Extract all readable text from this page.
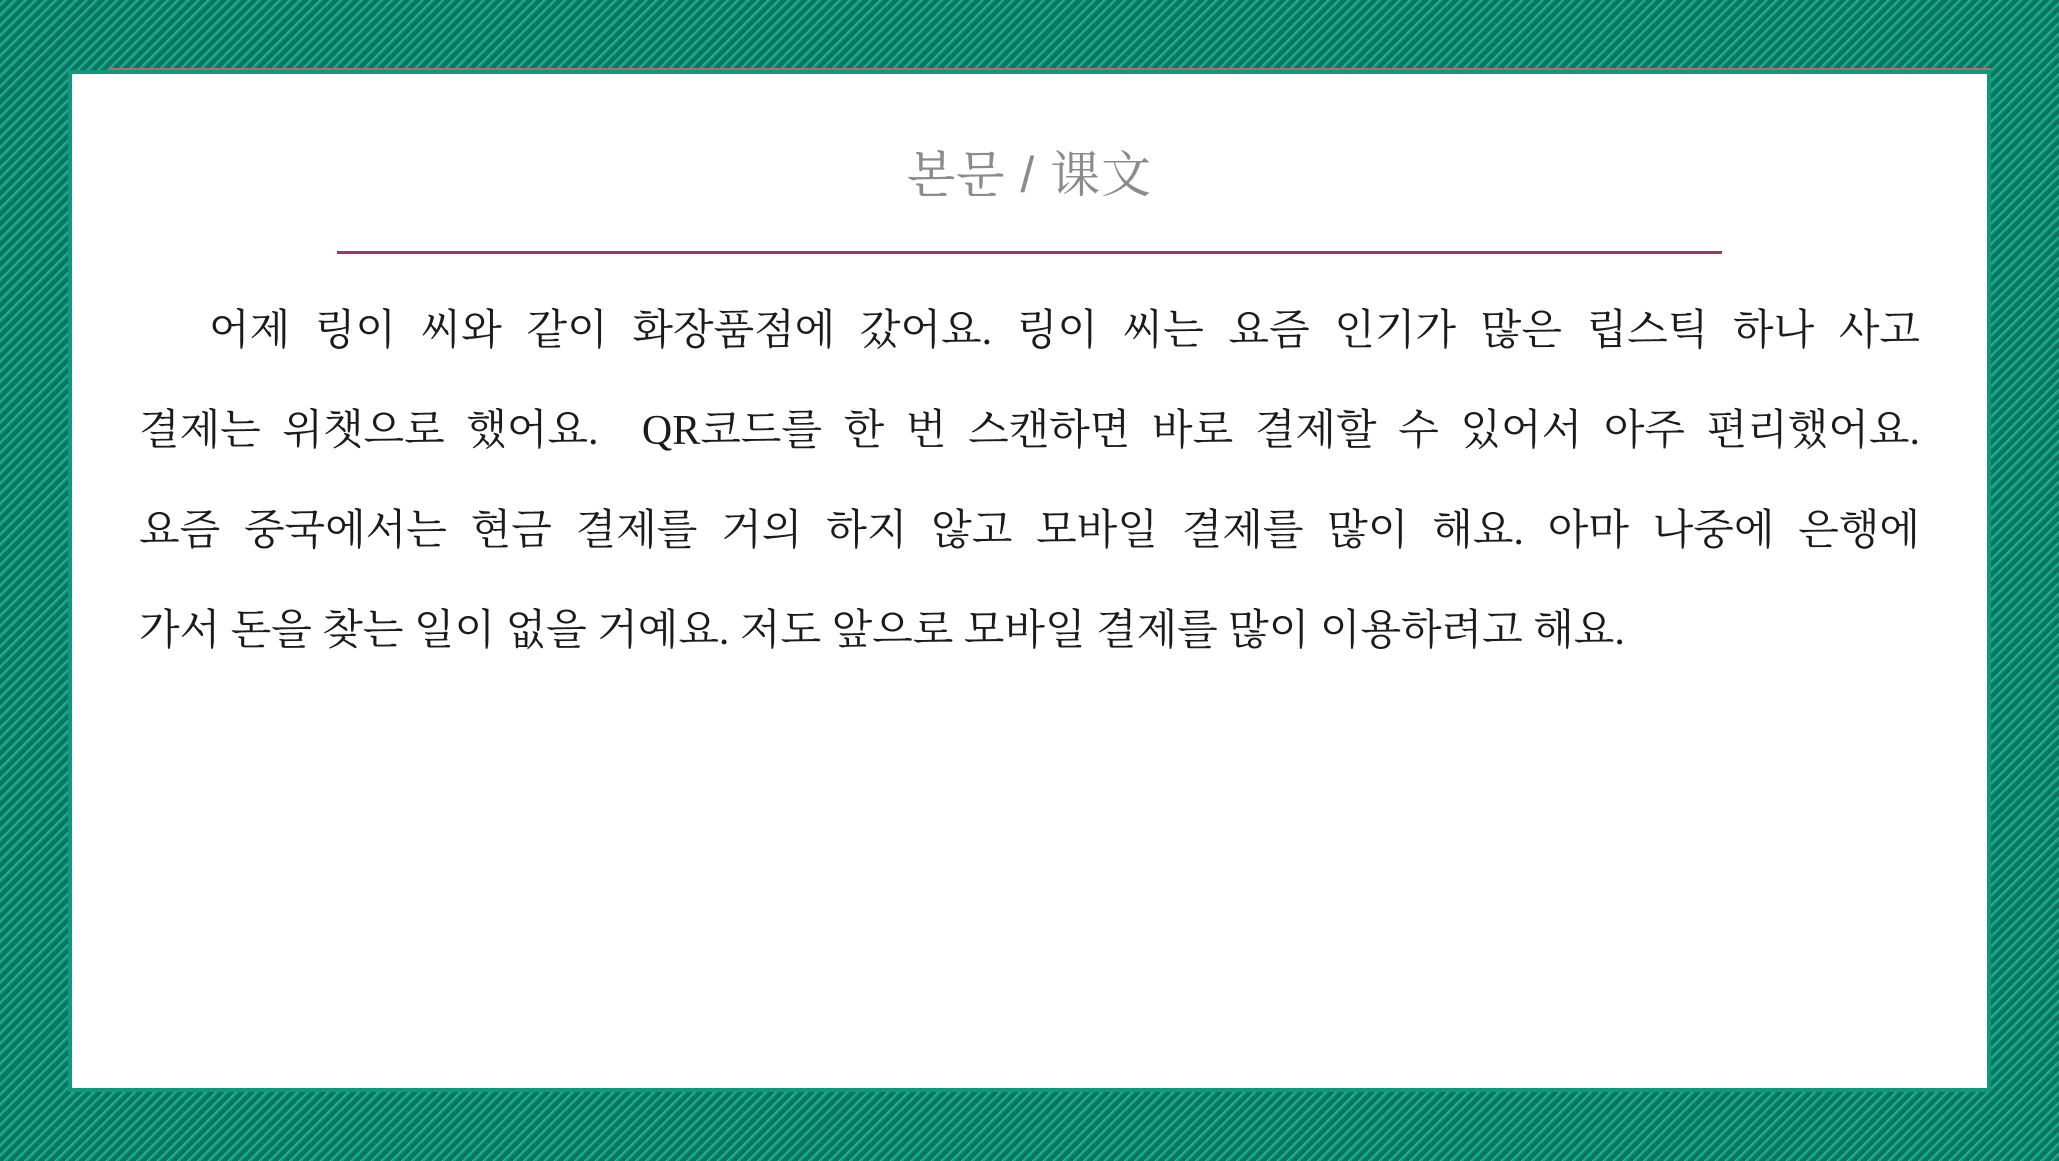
본문 / 课文
어제 링이 씨와 같이 화장품점에 갔어요. 링이 씨는 요즘 인기가 많은 립스틱 하나 사고
결제는 위챗으로 했어요.  QR코드를 한 번 스캔하면 바로 결제할 수 있어서 아주 편리했어요.
요즘 중국에서는 현금 결제를 거의 하지 않고 모바일 결제를 많이 해요. 아마 나중에 은행에
가서 돈을 찾는 일이 없을 거예요. 저도 앞으로 모바일 결제를 많이 이용하려고 해요.
